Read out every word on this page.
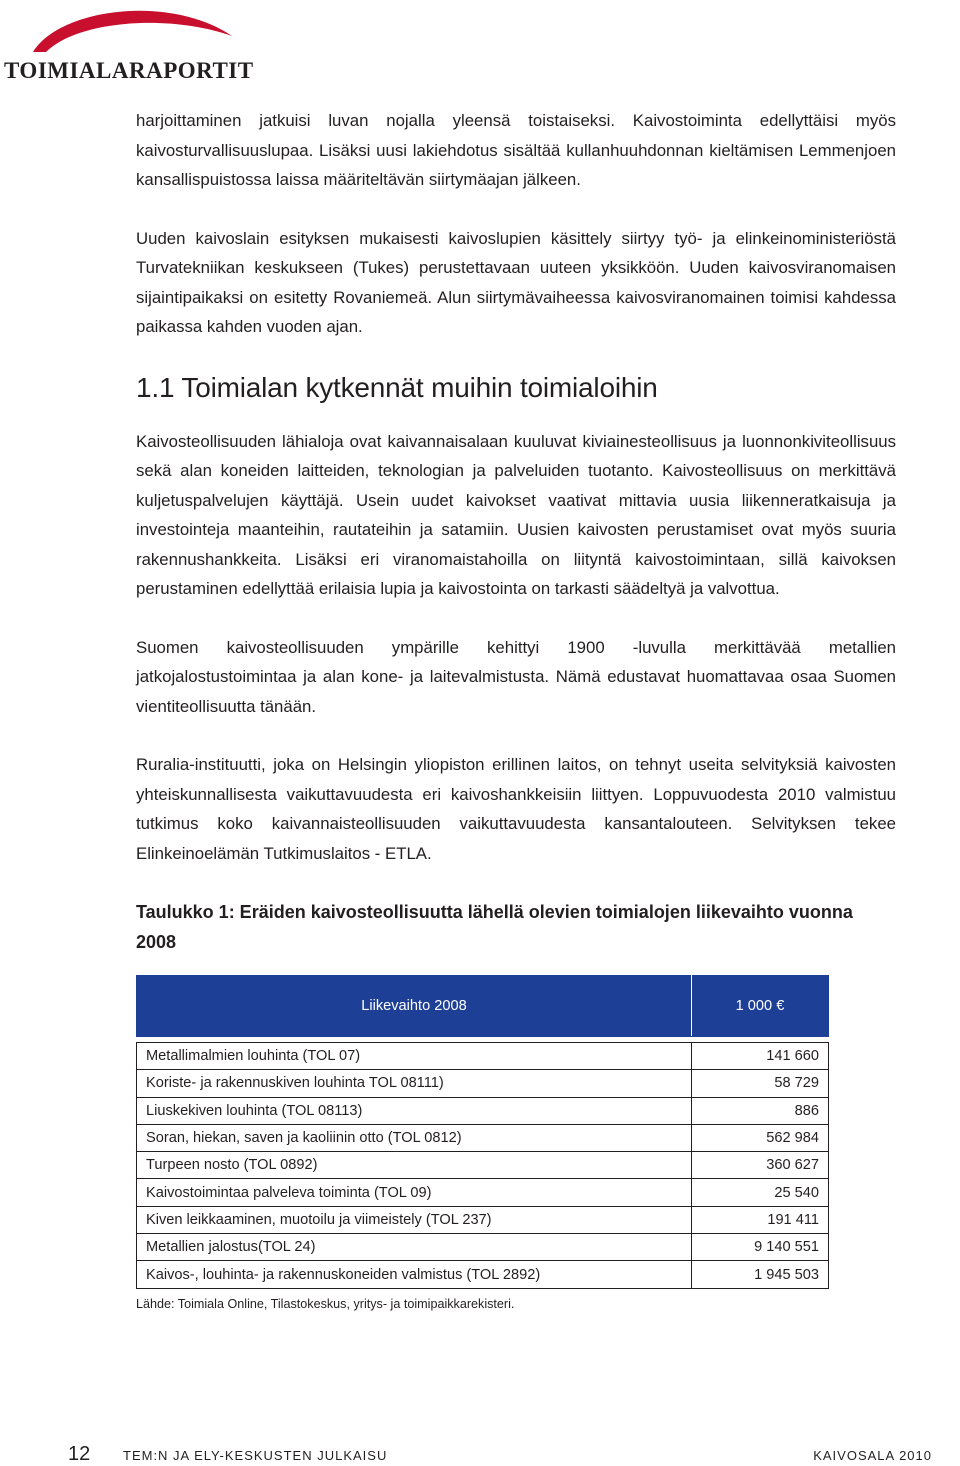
TOIMIALARAPORTIT

harjoittaminen jatkuisi luvan nojalla yleensä toistaiseksi. Kaivostoiminta edellyttäisi myös kaivosturvallisuuslupaa. Lisäksi uusi lakiehdotus sisältää kullanhuuhdonnan kieltämisen Lemmenjoen kansallispuistossa laissa määriteltävän siirtymäajan jälkeen.

Uuden kaivoslain esityksen mukaisesti kaivoslupien käsittely siirtyy työ- ja elinkeinoministeriöstä Turvatekniikan keskukseen (Tukes) perustettavaan uuteen yksikköön. Uuden kaivosviranomaisen sijaintipaikaksi on esitetty Rovaniemeä. Alun siirtymävaiheessa kaivosviranomainen toimisi kahdessa paikassa kahden vuoden ajan.

1.1 Toimialan kytkennät muihin toimialoihin

Kaivosteollisuuden lähialoja ovat kaivannaisalaan kuuluvat kiviainesteollisuus ja luonnonkiviteollisuus sekä alan koneiden laitteiden, teknologian ja palveluiden tuotanto. Kaivosteollisuus on merkittävä kuljetuspalvelujen käyttäjä. Usein uudet kaivokset vaativat mittavia uusia liikenneratkaisuja ja investointeja maanteihin, rautateihin ja satamiin. Uusien kaivosten perustamiset ovat myös suuria rakennushankkeita. Lisäksi eri viranomaistahoilla on liityntä kaivostoimintaan, sillä kaivoksen perustaminen edellyttää erilaisia lupia ja kaivostointa on tarkasti säädeltyä ja valvottua.

Suomen kaivosteollisuuden ympärille kehittyi 1900 -luvulla merkittävää metallien jatkojalostustoimintaa ja alan kone- ja laitevalmistusta. Nämä edustavat huomattavaa osaa Suomen vientiteollisuutta tänään.

Ruralia-instituutti, joka on Helsingin yliopiston erillinen laitos, on tehnyt useita selvityksiä kaivosten yhteiskunnallisesta vaikuttavuudesta eri kaivoshankkeisiin liittyen. Loppuvuodesta 2010 valmistuu tutkimus koko kaivannaisteollisuuden vaikuttavuudesta kansantalouteen. Selvityksen tekee Elinkeinoelämän Tutkimuslaitos - ETLA.

Taulukko 1: Eräiden kaivosteollisuutta lähellä olevien toimialojen liikevaihto vuonna 2008
Liikevaihto 2008	1 000 €

Metallimalmien louhinta (TOL 07)	141 660
Koriste- ja rakennuskiven louhinta TOL 08111)	58 729
Liuskekiven louhinta (TOL 08113)	886
Soran, hiekan, saven ja kaoliinin otto (TOL 0812)	562 984
Turpeen nosto (TOL 0892)	360 627
Kaivostoimintaa palveleva toiminta (TOL 09)	25 540
Kiven leikkaaminen, muotoilu ja viimeistely (TOL 237)	191 411
Metallien jalostus(TOL 24)	9 140 551
Kaivos-, louhinta- ja rakennuskoneiden valmistus (TOL 2892)	1 945 503
Lähde: Toimiala Online, Tilastokeskus, yritys- ja toimipaikkarekisteri.
12	TEM:N JA ELY-KESKUSTEN JULKAISU	KAIVOSALA 2010
